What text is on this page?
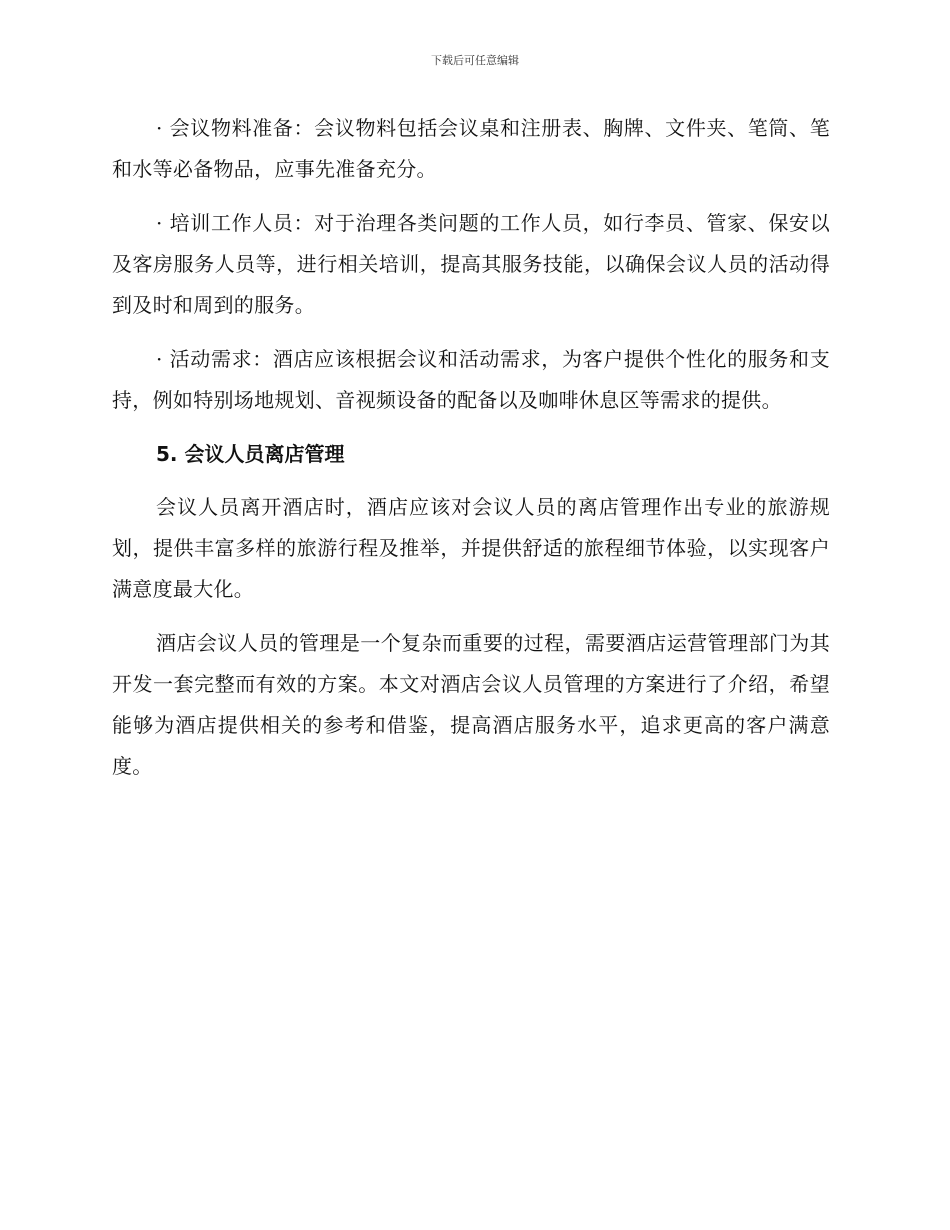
下载后可任意编辑

· 会议物料准备：会议物料包括会议桌和注册表、胸牌、文件夹、笔筒、笔和水等必备物品，应事先准备充分。

· 培训工作人员：对于治理各类问题的工作人员，如行李员、管家、保安以及客房服务人员等，进行相关培训，提高其服务技能，以确保会议人员的活动得到及时和周到的服务。

· 活动需求：酒店应该根据会议和活动需求，为客户提供个性化的服务和支持，例如特别场地规划、音视频设备的配备以及咖啡休息区等需求的提供。

5. 会议人员离店管理

会议人员离开酒店时，酒店应该对会议人员的离店管理作出专业的旅游规划，提供丰富多样的旅游行程及推举，并提供舒适的旅程细节体验，以实现客户满意度最大化。

酒店会议人员的管理是一个复杂而重要的过程，需要酒店运营管理部门为其开发一套完整而有效的方案。本文对酒店会议人员管理的方案进行了介绍，希望能够为酒店提供相关的参考和借鉴，提高酒店服务水平，追求更高的客户满意度。
